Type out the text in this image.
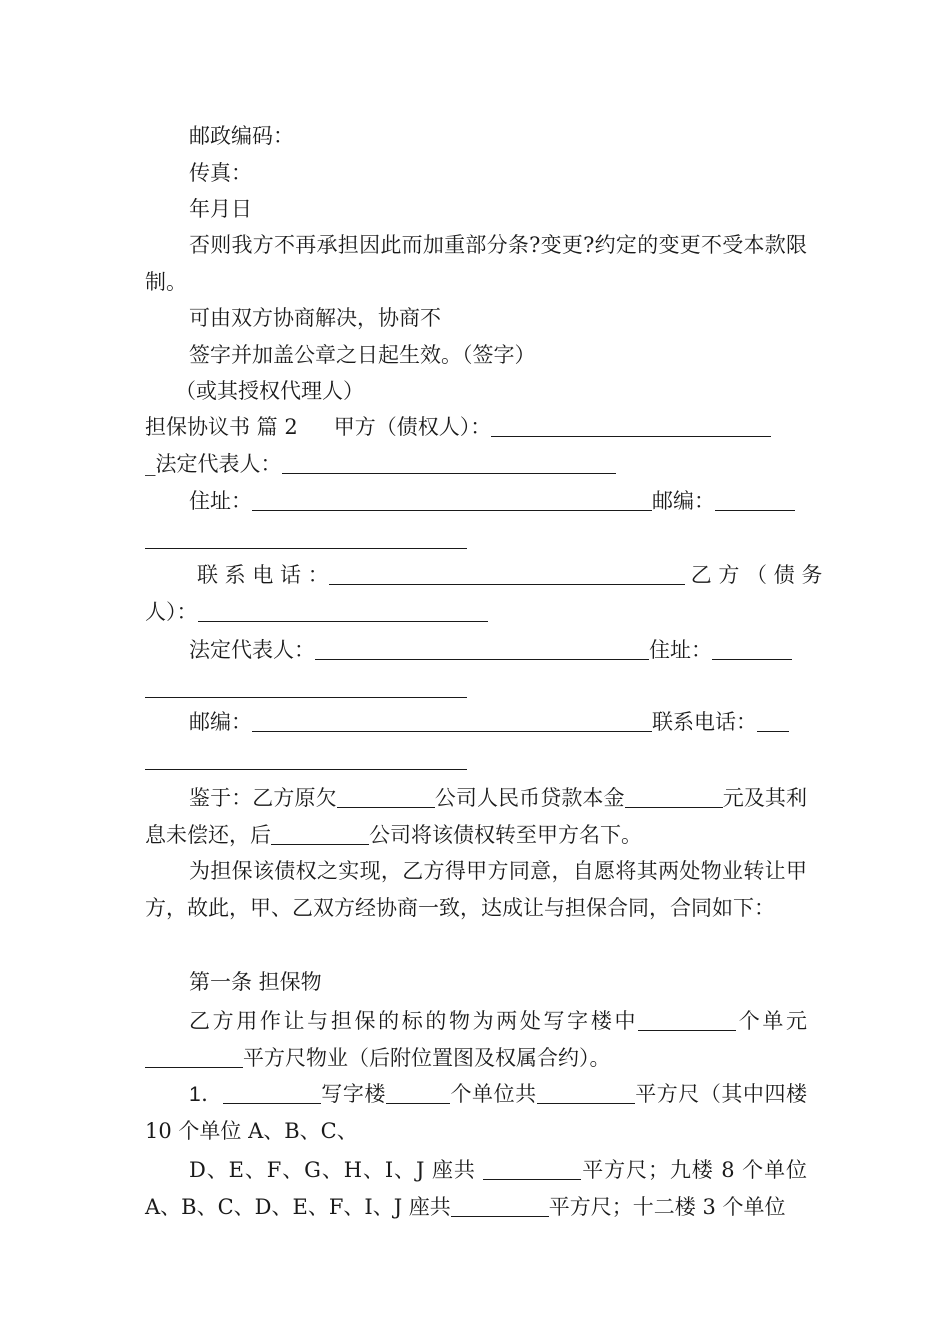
邮政编码：
传真：
年月日
否则我方不再承担因此而加重部分条?变更?约定的变更不受本款限制。
可由双方协商解决，协商不
签字并加盖公章之日起生效。（签字）
（或其授权代理人）
担保协议书 篇 2 甲方（债权人）：
_法定代表人：
住址：	邮编：
联 系 电 话 ：	乙 方 （ 债 务
人）：
法定代表人：	住址：
邮编：	联系电话：
鉴于：乙方原欠	公司人民币贷款本金	元及其利息未偿还，后	公司将该债权转至甲方名下。
为担保该债权之实现，乙方得甲方同意，自愿将其两处物业转让甲方，故此，甲、乙双方经协商一致，达成让与担保合同，合同如下：
第一条 担保物
乙方用作让与担保的标的物为两处写字楼中	个单元平方尺物业（后附位置图及权属合约）。
1．	写字楼	个单位共	平方尺（其中四楼 10 个单位 A、B、C、
D、E、F、G、H、I、J 座共	平方尺；九楼 8 个单位 A、B、C、D、E、F、I、J 座共	平方尺；十二楼 3 个单位
